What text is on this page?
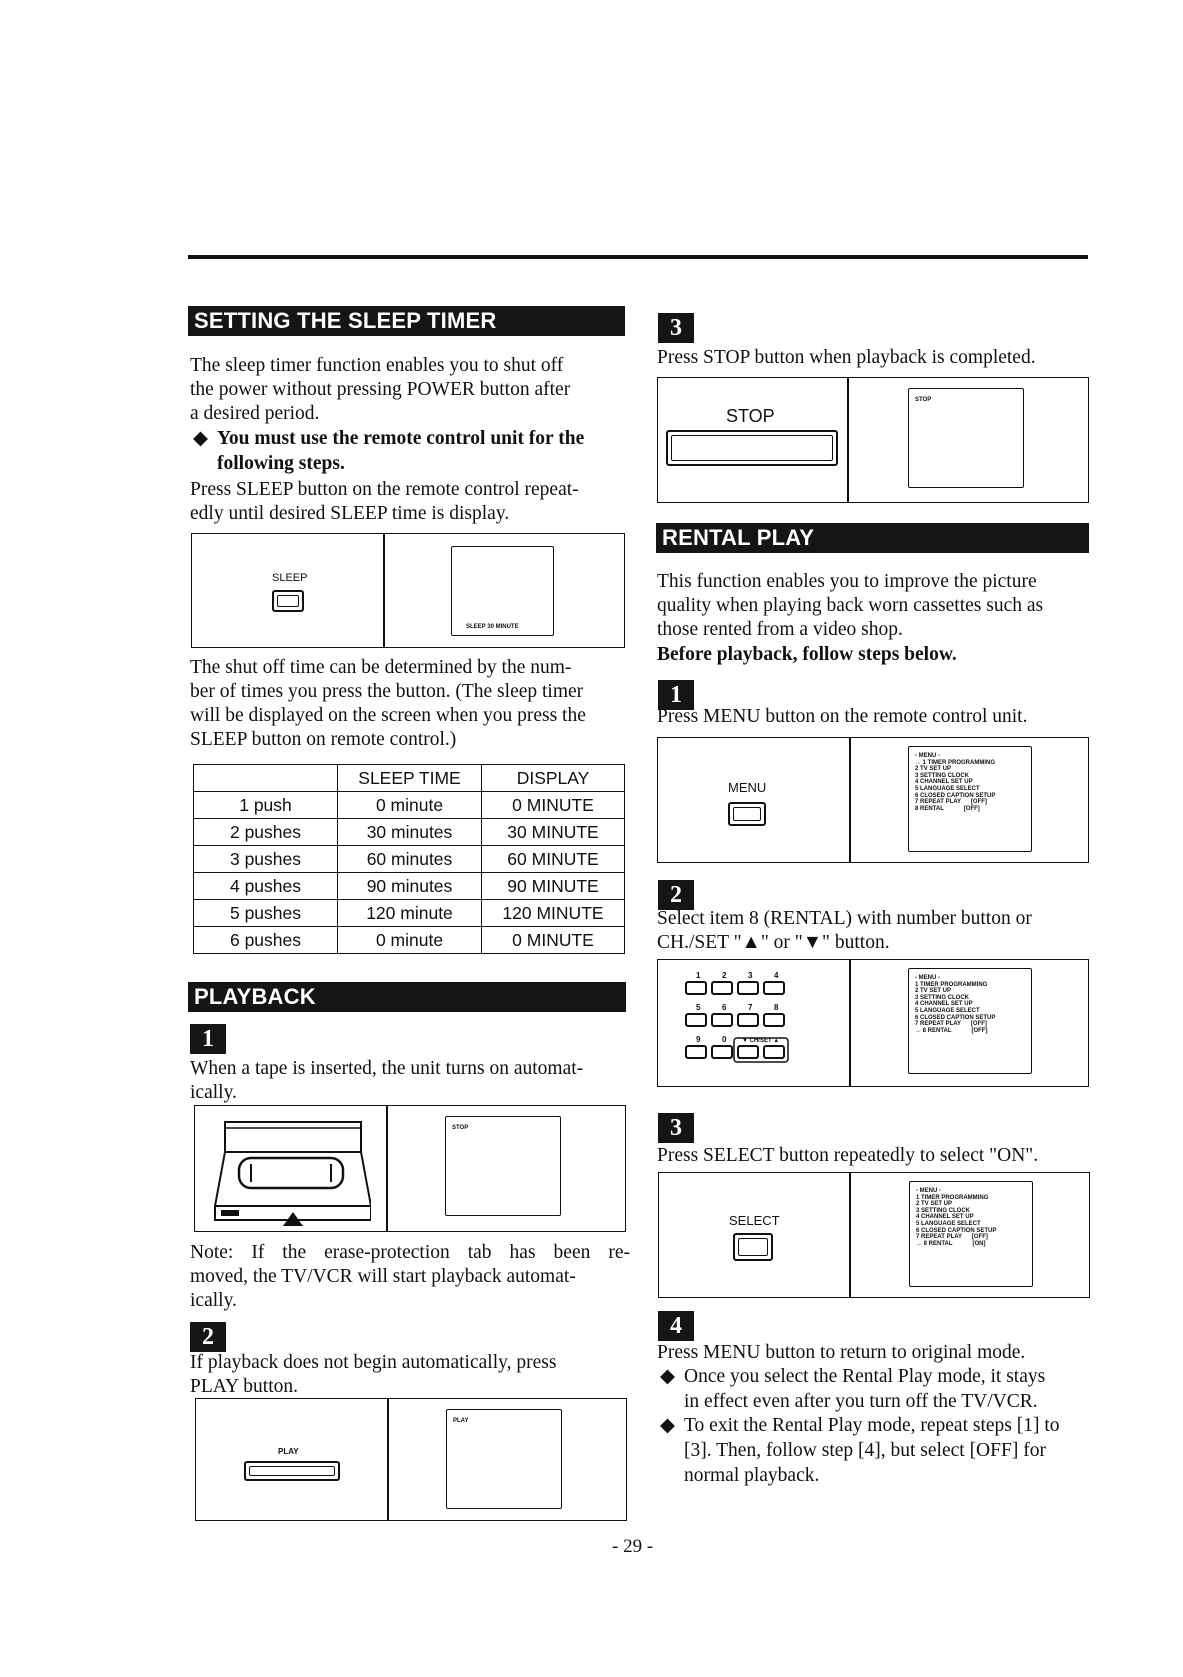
SETTING THE SLEEP TIMER
The sleep timer function enables you to shut off
the power without pressing POWER button after
a desired period.
◆ You must use the remote control unit for the
following steps.
Press SLEEP button on the remote control repeat-
edly until desired SLEEP time is display.
SLEEP
SLEEP 30 MINUTE
The shut off time can be determined by the num-
ber of times you press the button. (The sleep timer
will be displayed on the screen when you press the
SLEEP button on remote control.)
	SLEEP TIME	DISPLAY
1 push	0 minute	0 MINUTE
2 pushes	30 minutes	30 MINUTE
3 pushes	60 minutes	60 MINUTE
4 pushes	90 minutes	90 MINUTE
5 pushes	120 minute	120 MINUTE
6 pushes	0 minute	0 MINUTE
PLAYBACK
1
When a tape is inserted, the unit turns on automat-
ically.
STOP
Note: If the erase-protection tab has been re-
moved, the TV/VCR will start playback automat-
ically.
2
If playback does not begin automatically, press
PLAY button.
PLAY
PLAY
3
Press STOP button when playback is completed.
STOP
STOP
RENTAL PLAY
This function enables you to improve the picture
quality when playing back worn cassettes such as
those rented from a video shop.
Before playback, follow steps below.
1
Press MENU button on the remote control unit.
MENU
- MENU -
→ 1 TIMER PROGRAMMING
2 TV SET UP
3 SETTING CLOCK
4 CHANNEL SET UP
5 LANGUAGE SELECT
6 CLOSED CAPTION SETUP
7 REPEAT PLAY      [OFF]
8 RENTAL            [OFF]
2
Select item 8 (RENTAL) with number button or
CH./SET "▲" or "▼" button.
1	2	3	4
5	6	7	8
9	0	▼ CH/SET ▲
- MENU -
1 TIMER PROGRAMMING
2 TV SET UP
3 SETTING CLOCK
4 CHANNEL SET UP
5 LANGUAGE SELECT
6 CLOSED CAPTION SETUP
7 REPEAT PLAY      [OFF]
→ 8 RENTAL            [OFF]
3
Press SELECT button repeatedly to select "ON".
SELECT
- MENU -
1 TIMER PROGRAMMING
2 TV SET UP
3 SETTING CLOCK
4 CHANNEL SET UP
5 LANGUAGE SELECT
6 CLOSED CAPTION SETUP
7 REPEAT PLAY      [OFF]
→ 8 RENTAL            [ON]
4
Press MENU button to return to original mode.
◆ Once you select the Rental Play mode, it stays
in effect even after you turn off the TV/VCR.
◆ To exit the Rental Play mode, repeat steps [1] to
[3]. Then, follow step [4], but select [OFF] for
normal playback.
- 29 -
